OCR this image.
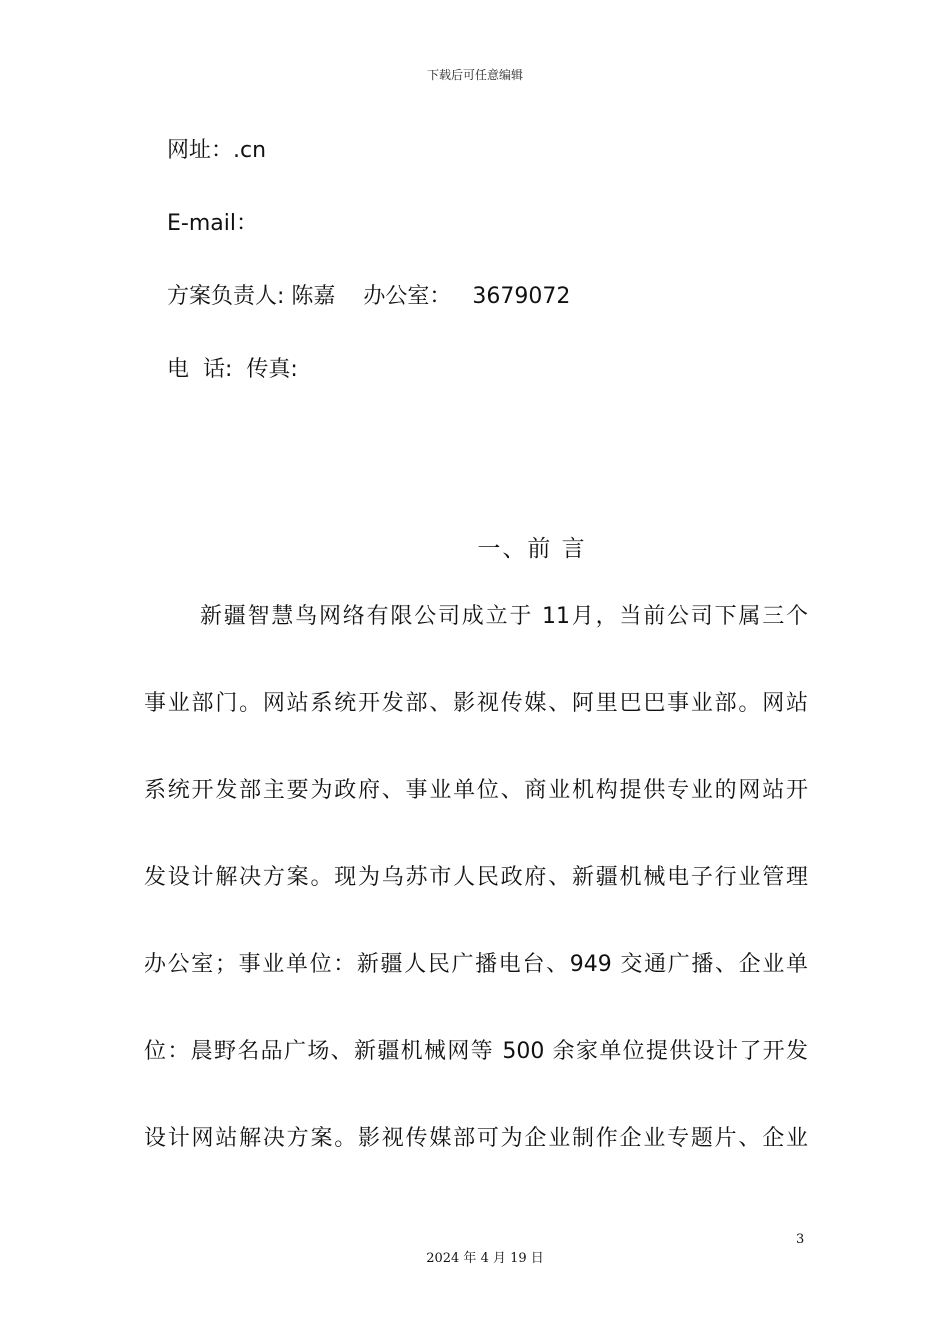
下载后可任意编辑
网址：.cn
E-mail：
方案负责人: 陈嘉    办公室：   3679072
电  话:  传真:
一、前 言
新疆智慧鸟网络有限公司成立于 11月，当前公司下属三个
事业部门。网站系统开发部、影视传媒、阿里巴巴事业部。网站
系统开发部主要为政府、事业单位、商业机构提供专业的网站开
发设计解决方案。现为乌苏市人民政府、新疆机械电子行业管理
办公室；事业单位：新疆人民广播电台、949 交通广播、企业单
位：晨野名品广场、新疆机械网等 500 余家单位提供设计了开发
设计网站解决方案。影视传媒部可为企业制作企业专题片、企业
3
2024 年 4 月 19 日
